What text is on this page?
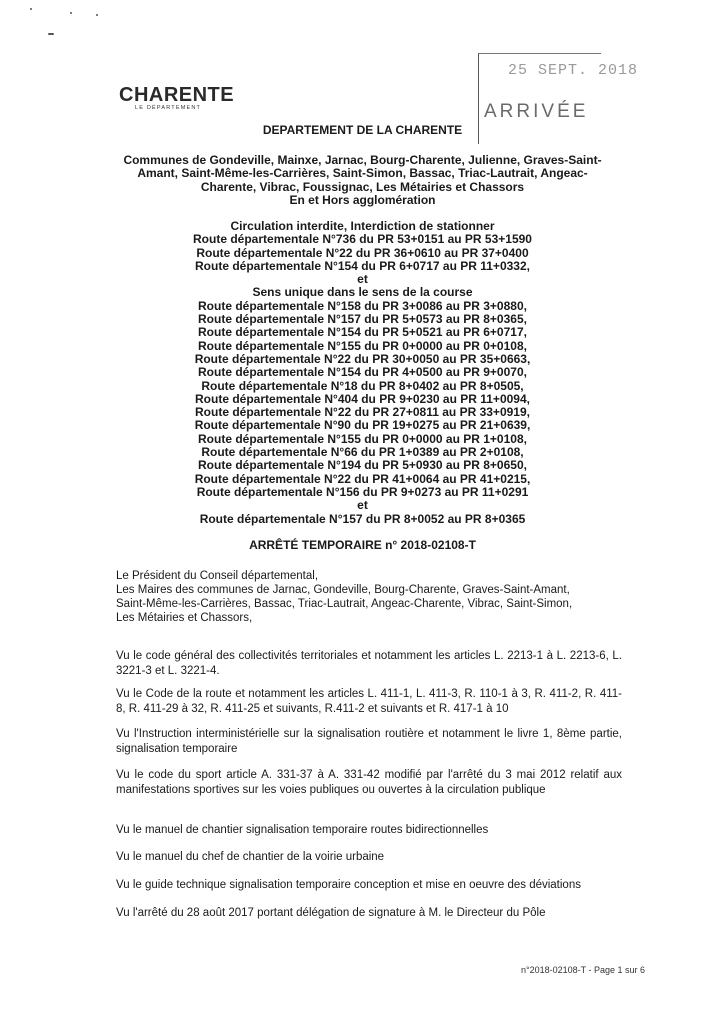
CHARENTE
LE DÉPARTEMENT
25 SEPT. 2018
ARRIVÉE
DEPARTEMENT DE LA CHARENTE
Communes de Gondeville, Mainxe, Jarnac, Bourg-Charente, Julienne, Graves-Saint-
Amant, Saint-Même-les-Carrières, Saint-Simon, Bassac, Triac-Lautrait, Angeac-
Charente, Vibrac, Foussignac, Les Métairies et Chassors
En et Hors agglomération
Circulation interdite, Interdiction de stationner
Route départementale N°736 du PR 53+0151 au PR 53+1590
Route départementale N°22 du PR 36+0610 au PR 37+0400
Route départementale N°154 du PR 6+0717 au PR 11+0332,
et
Sens unique dans le sens de la course
Route départementale N°158 du PR 3+0086 au PR 3+0880,
Route départementale N°157 du PR 5+0573 au PR 8+0365,
Route départementale N°154 du PR 5+0521 au PR 6+0717,
Route départementale N°155 du PR 0+0000 au PR 0+0108,
Route départementale N°22 du PR 30+0050 au PR 35+0663,
Route départementale N°154 du PR 4+0500 au PR 9+0070,
Route départementale N°18 du PR 8+0402 au PR 8+0505,
Route départementale N°404 du PR 9+0230 au PR 11+0094,
Route départementale N°22 du PR 27+0811 au PR 33+0919,
Route départementale N°90 du PR 19+0275 au PR 21+0639,
Route départementale N°155 du PR 0+0000 au PR 1+0108,
Route départementale N°66 du PR 1+0389 au PR 2+0108,
Route départementale N°194 du PR 5+0930 au PR 8+0650,
Route départementale N°22 du PR 41+0064 au PR 41+0215,
Route départementale N°156 du PR 9+0273 au PR 11+0291
et
Route départementale N°157 du PR 8+0052 au PR 8+0365
ARRÊTÉ TEMPORAIRE n° 2018-02108-T
Le Président du Conseil départemental,
Les Maires des communes de Jarnac, Gondeville, Bourg-Charente, Graves-Saint-Amant,
Saint-Même-les-Carrières, Bassac, Triac-Lautrait, Angeac-Charente, Vibrac, Saint-Simon,
Les Métairies et Chassors,
Vu le code général des collectivités territoriales et notamment les articles L. 2213-1 à L. 2213-6, L. 3221-3 et L. 3221-4.
Vu le Code de la route et notamment les articles L. 411-1, L. 411-3, R. 110-1 à 3, R. 411-2, R. 411-8, R. 411-29 à 32, R. 411-25 et suivants, R.411-2 et suivants et R. 417-1 à 10
Vu l'Instruction interministérielle sur la signalisation routière et notamment le livre 1, 8ème partie, signalisation temporaire
Vu le code du sport article A. 331-37 à A. 331-42 modifié par l'arrêté du 3 mai 2012 relatif aux manifestations sportives sur les voies publiques ou ouvertes à la circulation publique
Vu le manuel de chantier signalisation temporaire routes bidirectionnelles
Vu le manuel du chef de chantier de la voirie urbaine
Vu le guide technique signalisation temporaire conception et mise en oeuvre des déviations
Vu l'arrêté du 28 août 2017 portant délégation de signature à M. le Directeur du Pôle
n°2018-02108-T - Page 1 sur 6
